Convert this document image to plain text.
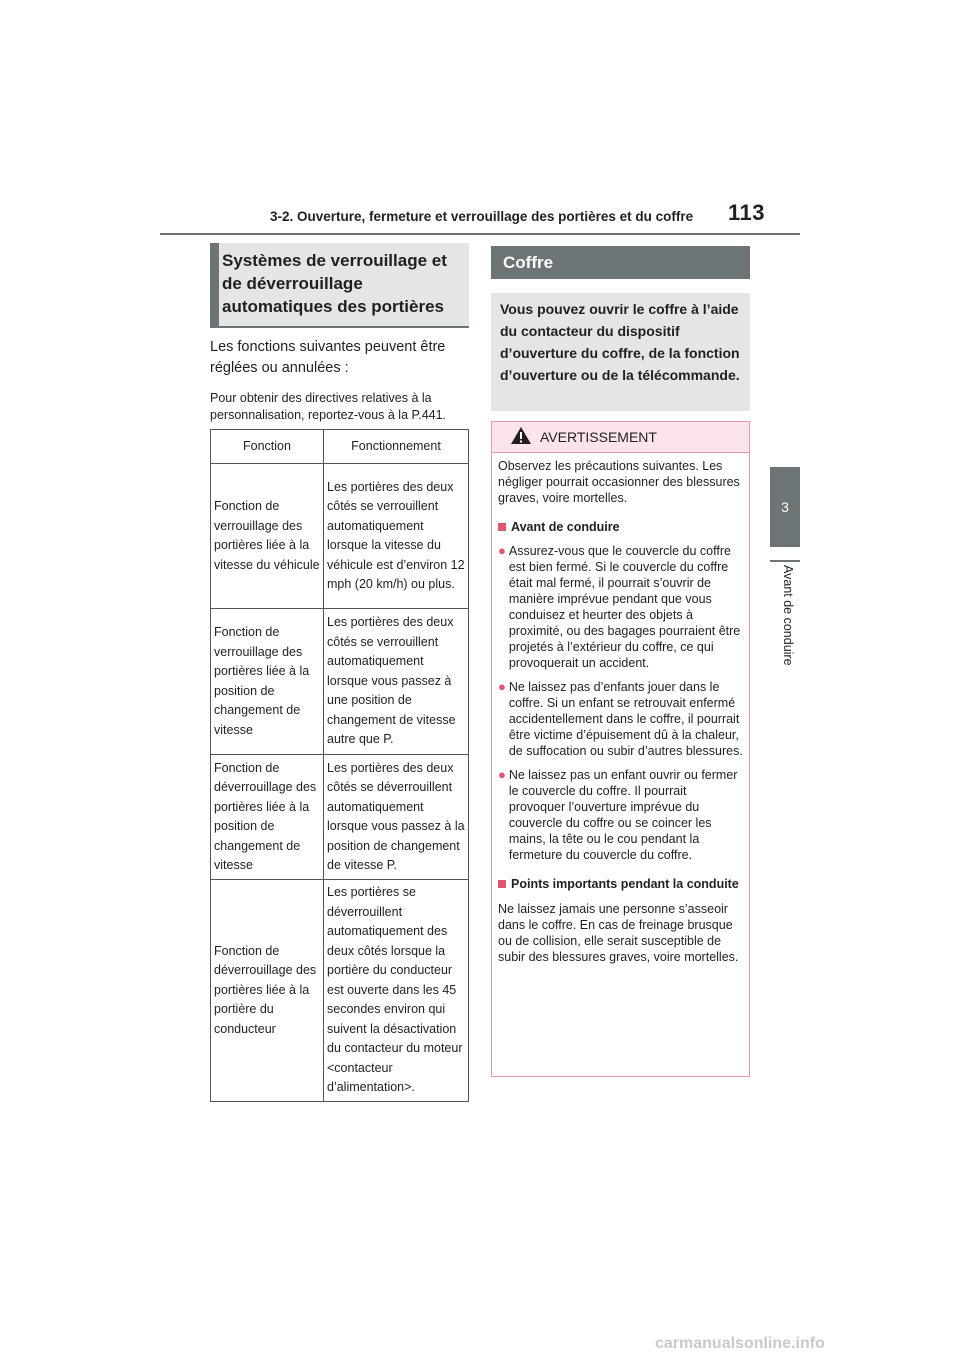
3-2. Ouverture, fermeture et verrouillage des portières et du coffre 113
3
Avant de conduire
Systèmes de verrouillage et de déverrouillage automatiques des portières
Les fonctions suivantes peuvent être réglées ou annulées :
Pour obtenir des directives relatives à la personnalisation, reportez-vous à la P.441.
Fonction	Fonctionnement
Fonction de verrouillage des portières liée à la vitesse du véhicule	Les portières des deux côtés se verrouillent automatiquement lorsque la vitesse du véhicule est d’environ 12 mph (20 km/h) ou plus.
Fonction de verrouillage des portières liée à la position de changement de vitesse	Les portières des deux côtés se verrouillent automatiquement lorsque vous passez à une position de changement de vitesse autre que P.
Fonction de déverrouillage des portières liée à la position de changement de vitesse	Les portières des deux côtés se déverrouillent automatiquement lorsque vous passez à la position de changement de vitesse P.
Fonction de déverrouillage des portières liée à la portière du conducteur	Les portières se déverrouillent automatiquement des deux côtés lorsque la portière du conducteur est ouverte dans les 45 secondes environ qui suivent la désactivation du contacteur du moteur <contacteur d’alimentation>.
Coffre
Vous pouvez ouvrir le coffre à l’aide du contacteur du dispositif d’ouverture du coffre, de la fonction d’ouverture ou de la télécommande.
AVERTISSEMENT

Observez les précautions suivantes. Les négliger pourrait occasionner des blessures graves, voire mortelles.

Avant de conduire
● Assurez-vous que le couvercle du coffre est bien fermé. Si le couvercle du coffre était mal fermé, il pourrait s’ouvrir de manière imprévue pendant que vous conduisez et heurter des objets à proximité, ou des bagages pourraient être projetés à l’extérieur du coffre, ce qui provoquerait un accident.
● Ne laissez pas d’enfants jouer dans le coffre. Si un enfant se retrouvait enfermé accidentellement dans le coffre, il pourrait être victime d’épuisement dû à la chaleur, de suffocation ou subir d’autres blessures.
● Ne laissez pas un enfant ouvrir ou fermer le couvercle du coffre. Il pourrait provoquer l’ouverture imprévue du couvercle du coffre ou se coincer les mains, la tête ou le cou pendant la fermeture du couvercle du coffre.
Points importants pendant la conduite

Ne laissez jamais une personne s’asseoir dans le coffre. En cas de freinage brusque ou de collision, elle serait susceptible de subir des blessures graves, voire mortelles.

carmanualsonline.info
